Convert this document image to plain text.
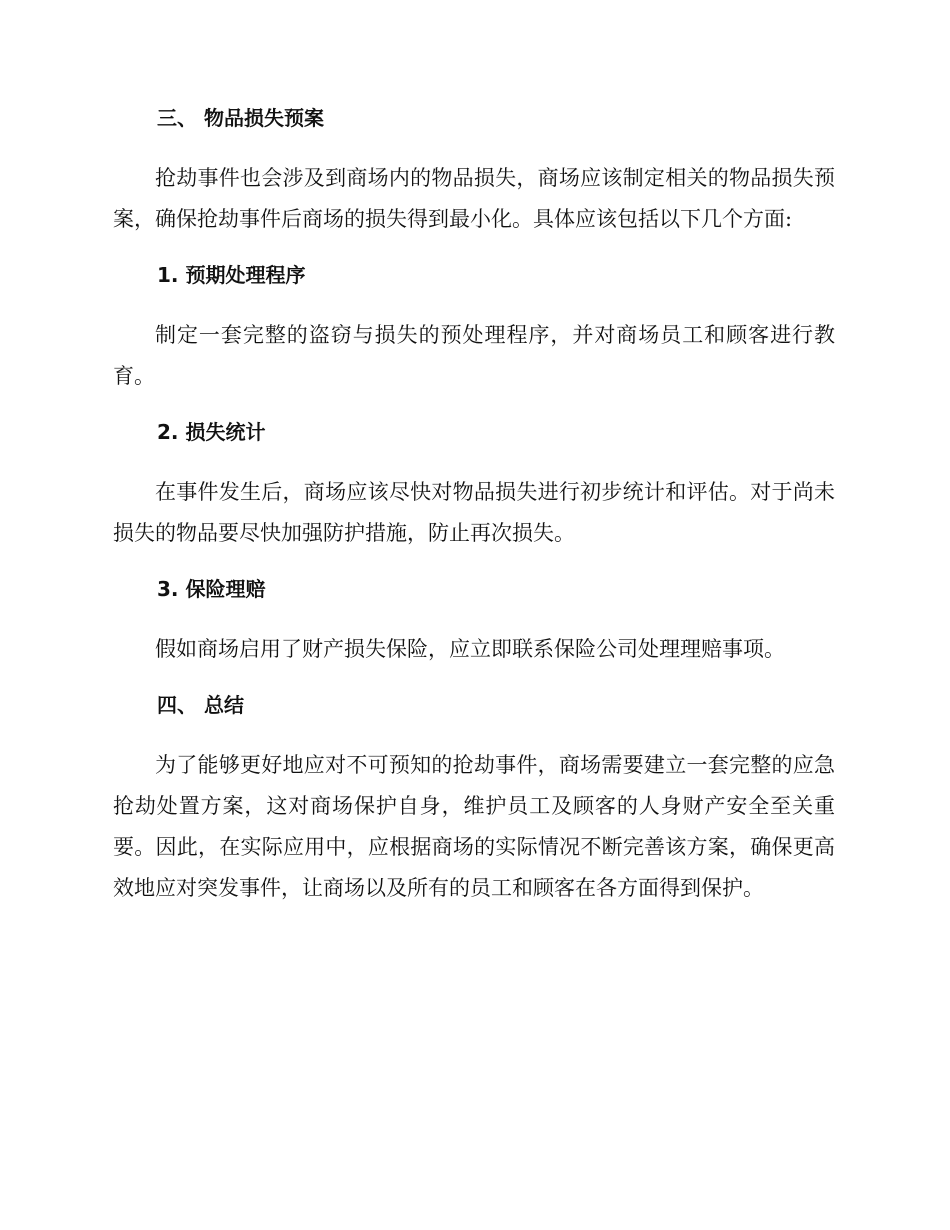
三、 物品损失预案

抢劫事件也会涉及到商场内的物品损失，商场应该制定相关的物品损失预案，确保抢劫事件后商场的损失得到最小化。具体应该包括以下几个方面:

1. 预期处理程序

制定一套完整的盗窃与损失的预处理程序，并对商场员工和顾客进行教育。

2. 损失统计

在事件发生后，商场应该尽快对物品损失进行初步统计和评估。对于尚未损失的物品要尽快加强防护措施，防止再次损失。

3. 保险理赔

假如商场启用了财产损失保险，应立即联系保险公司处理理赔事项。

四、 总结

为了能够更好地应对不可预知的抢劫事件，商场需要建立一套完整的应急抢劫处置方案，这对商场保护自身，维护员工及顾客的人身财产安全至关重要。因此，在实际应用中，应根据商场的实际情况不断完善该方案，确保更高效地应对突发事件，让商场以及所有的员工和顾客在各方面得到保护。
